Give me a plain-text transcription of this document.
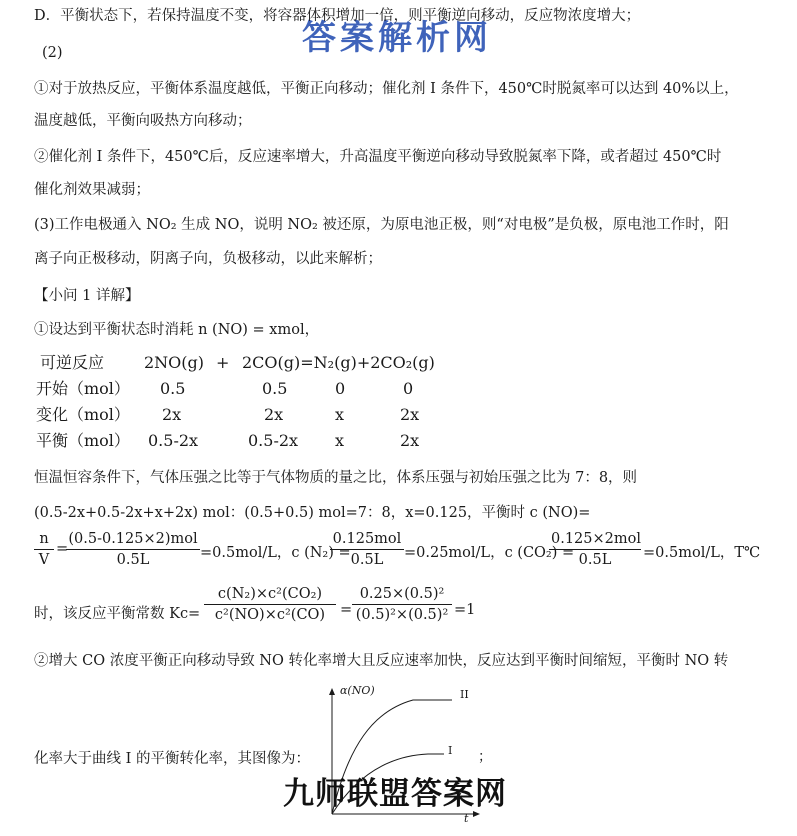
答案解析网
D．平衡状态下，若保持温度不变，将容器体积增加一倍，则平衡逆向移动，反应物浓度增大；
(2)
①对于放热反应，平衡体系温度越低，平衡正向移动；催化剂 I 条件下，450℃时脱氮率可以达到 40%以上，
温度越低，平衡向吸热方向移动；
②催化剂 I 条件下，450℃后，反应速率增大，升高温度平衡逆向移动导致脱氮率下降，或者超过 450℃时
催化剂效果减弱；
(3)工作电极通入 NO₂ 生成 NO，说明 NO₂ 被还原，为原电池正极，则“对电极”是负极，原电池工作时，阳
离子向正极移动，阴离子向，负极移动，以此来解析；
【小问 1 详解】
①设达到平衡状态时消耗 n (NO) = xmol，
可逆反应 2NO(g) + 2CO(g)=N₂(g)+2CO₂(g)
开始（mol） 0.5	0.5	0	0
变化（mol） 2x	2x	x	2x
平衡（mol） 0.5-2x	0.5-2x x	2x
恒温恒容条件下，气体压强之比等于气体物质的量之比，体系压强与初始压强之比为 7：8，则
(0.5-2x+0.5-2x+x+2x) mol：(0.5+0.5) mol=7：8，x=0.125，平衡时 c (NO)=
n
V
=
(0.5-0.125×2)mol
0.5L	=0.5mol/L，c (N₂) =
0.125mol
0.5L	=0.25mol/L，c (CO₂) =
0.125×2mol
0.5L	=0.5mol/L，T℃
时，该反应平衡常数 Kc=
c(N₂)×c²(CO₂)
c²(NO)×c²(CO)	=
0.25×(0.5)²
(0.5)²×(0.5)² =1
②增大 CO 浓度平衡正向移动导致 NO 转化率增大且反应速率加快，反应达到平衡时间缩短，平衡时 NO 转
化率大于曲线 I 的平衡转化率，其图像为：
α(NO)	II
I ；
t
九师联盟答案网
